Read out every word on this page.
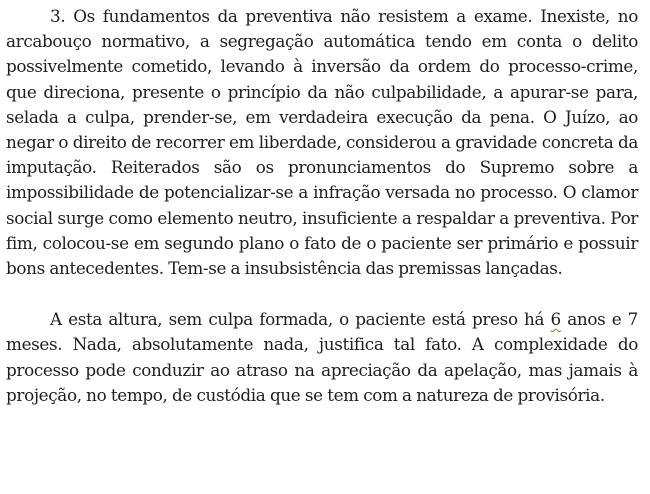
3. Os fundamentos da preventiva não resistem a exame. Inexiste, no arcabouço normativo, a segregação automática tendo em conta o delito possivelmente cometido, levando à inversão da ordem do processo-crime, que direciona, presente o princípio da não culpabilidade, a apurar-se para, selada a culpa, prender-se, em verdadeira execução da pena. O Juízo, ao negar o direito de recorrer em liberdade, considerou a gravidade concreta da imputação. Reiterados são os pronunciamentos do Supremo sobre a impossibilidade de potencializar-se a infração versada no processo. O clamor social surge como elemento neutro, insuficiente a respaldar a preventiva. Por fim, colocou-se em segundo plano o fato de o paciente ser primário e possuir bons antecedentes. Tem-se a insubsistência das premissas lançadas.

A esta altura, sem culpa formada, o paciente está preso há 6 anos e 7 meses. Nada, absolutamente nada, justifica tal fato. A complexidade do processo pode conduzir ao atraso na apreciação da apelação, mas jamais à projeção, no tempo, de custódia que se tem com a natureza de provisória.
